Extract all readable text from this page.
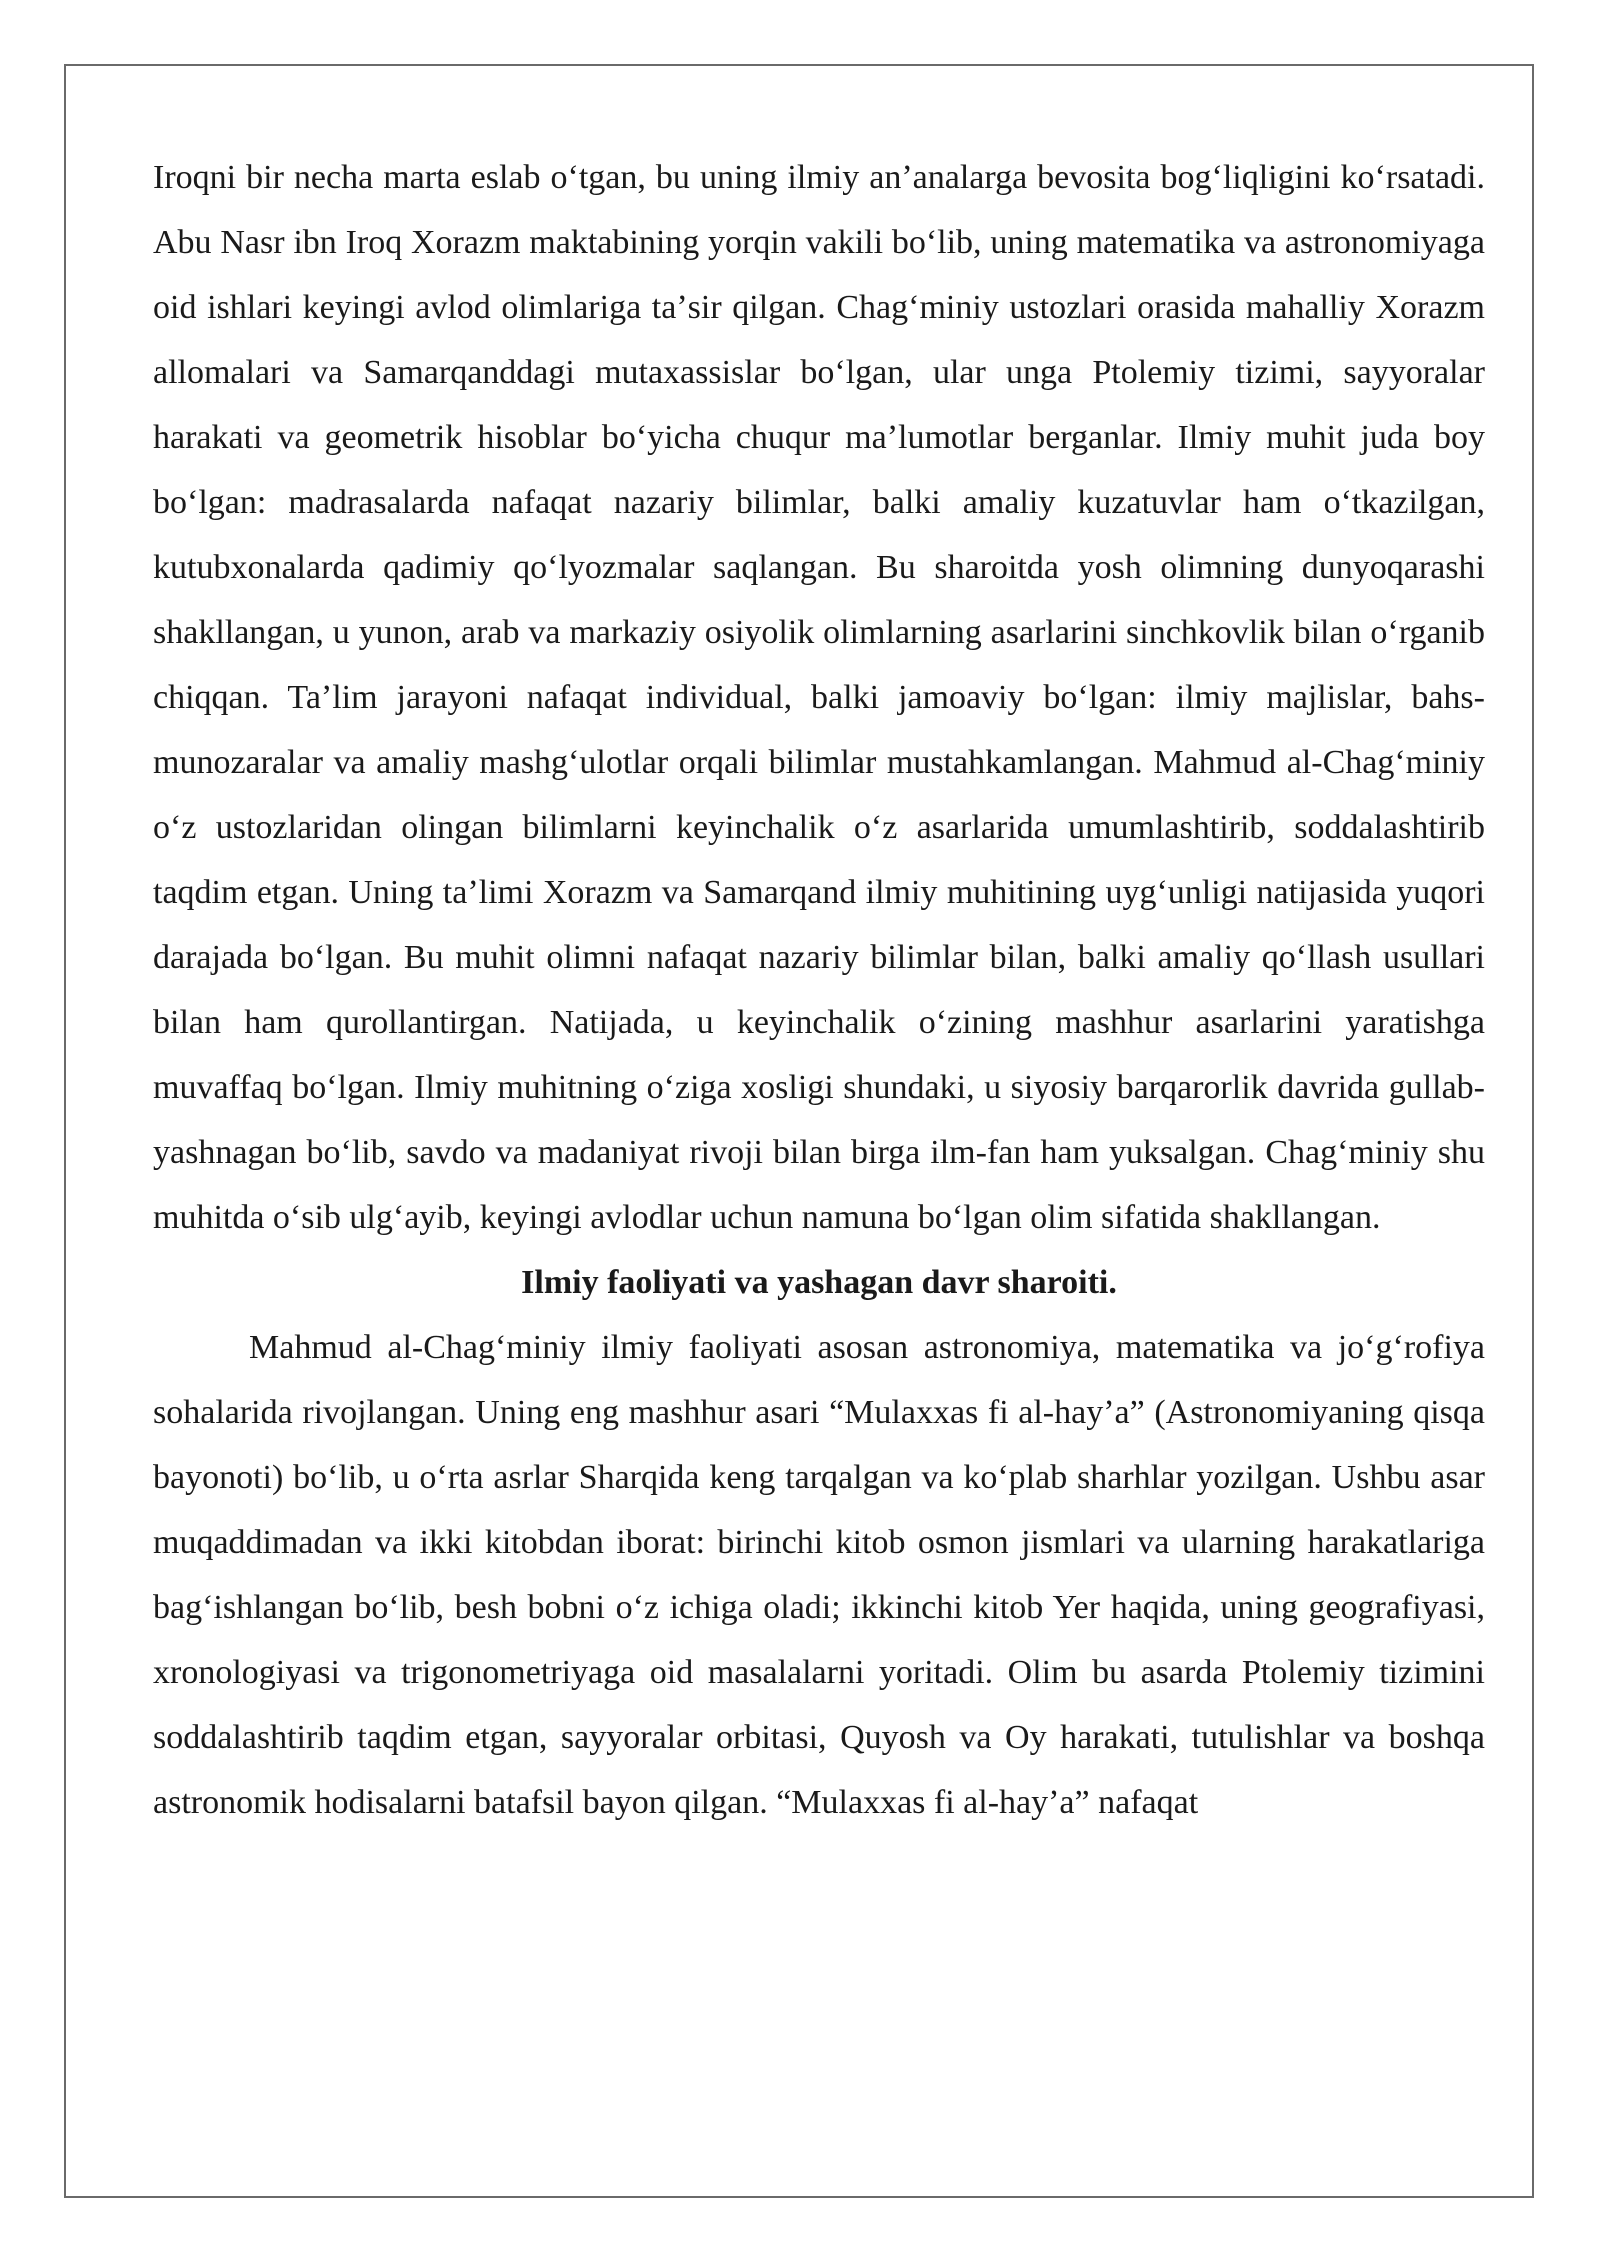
Iroqni bir necha marta eslab oʻtgan, bu uning ilmiy anʼanalarga bevosita bogʻliqligini koʻrsatadi. Abu Nasr ibn Iroq Xorazm maktabining yorqin vakili boʻlib, uning matematika va astronomiyaga oid ishlari keyingi avlod olimlariga taʼsir qilgan. Chagʻminiy ustozlari orasida mahalliy Xorazm allomalari va Samarqanddagi mutaxassislar boʻlgan, ular unga Ptolemiy tizimi, sayyoralar harakati va geometrik hisoblar boʻyicha chuqur maʼlumotlar berganlar. Ilmiy muhit juda boy boʻlgan: madrasalarda nafaqat nazariy bilimlar, balki amaliy kuzatuvlar ham oʻtkazilgan, kutubxonalarda qadimiy qoʻlyozmalar saqlangan. Bu sharoitda yosh olimning dunyoqarashi shakllangan, u yunon, arab va markaziy osiyolik olimlarning asarlarini sinchkovlik bilan oʻrganib chiqqan. Taʼlim jarayoni nafaqat individual, balki jamoaviy boʻlgan: ilmiy majlislar, bahs-munozaralar va amaliy mashgʻulotlar orqali bilimlar mustahkamlangan. Mahmud al-Chagʻminiy oʻz ustozlaridan olingan bilimlarni keyinchalik oʻz asarlarida umumlashtirib, soddalashtirib taqdim etgan. Uning taʼlimi Xorazm va Samarqand ilmiy muhitining uygʻunligi natijasida yuqori darajada boʻlgan. Bu muhit olimni nafaqat nazariy bilimlar bilan, balki amaliy qoʻllash usullari bilan ham qurollantirgan. Natijada, u keyinchalik oʻzining mashhur asarlarini yaratishga muvaffaq boʻlgan. Ilmiy muhitning oʻziga xosligi shundaki, u siyosiy barqarorlik davrida gullab-yashnagan boʻlib, savdo va madaniyat rivoji bilan birga ilm-fan ham yuksalgan. Chagʻminiy shu muhitda oʻsib ulgʻayib, keyingi avlodlar uchun namuna boʻlgan olim sifatida shakllangan.

Ilmiy faoliyati va yashagan davr sharoiti.

Mahmud al-Chagʻminiy ilmiy faoliyati asosan astronomiya, matematika va joʻgʻrofiya sohalarida rivojlangan. Uning eng mashhur asari “Mulaxxas fi al-hayʼa” (Astronomiyaning qisqa bayonoti) boʻlib, u oʻrta asrlar Sharqida keng tarqalgan va koʻplab sharhlar yozilgan. Ushbu asar muqaddimadan va ikki kitobdan iborat: birinchi kitob osmon jismlari va ularning harakatlariga bagʻishlangan boʻlib, besh bobni oʻz ichiga oladi; ikkinchi kitob Yer haqida, uning geografiyasi, xronologiyasi va trigonometriyaga oid masalalarni yoritadi. Olim bu asarda Ptolemiy tizimini soddalashtirib taqdim etgan, sayyoralar orbitasi, Quyosh va Oy harakati, tutulishlar va boshqa astronomik hodisalarni batafsil bayon qilgan. “Mulaxxas fi al-hayʼa” nafaqat
